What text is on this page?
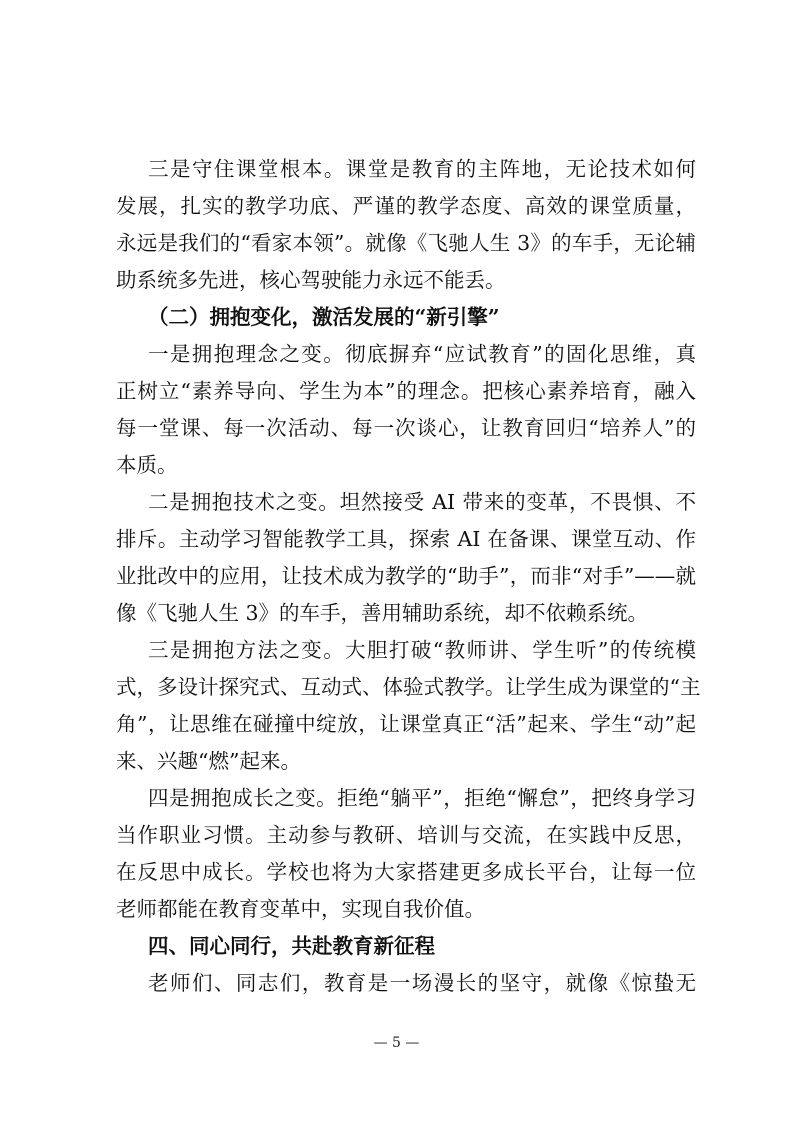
三是守住课堂根本。课堂是教育的主阵地，无论技术如何
发展，扎实的教学功底、严谨的教学态度、高效的课堂质量，
永远是我们的“看家本领”。就像《飞驰人生 3》的车手，无论辅
助系统多先进，核心驾驶能力永远不能丢。
（二）拥抱变化，激活发展的“新引擎”
一是拥抱理念之变。彻底摒弃“应试教育”的固化思维，真
正树立“素养导向、学生为本”的理念。把核心素养培育，融入
每一堂课、每一次活动、每一次谈心，让教育回归“培养人”的
本质。
二是拥抱技术之变。坦然接受 AI 带来的变革，不畏惧、不
排斥。主动学习智能教学工具，探索 AI 在备课、课堂互动、作
业批改中的应用，让技术成为教学的“助手”，而非“对手”——就
像《飞驰人生 3》的车手，善用辅助系统，却不依赖系统。
三是拥抱方法之变。大胆打破“教师讲、学生听”的传统模
式，多设计探究式、互动式、体验式教学。让学生成为课堂的“主
角”，让思维在碰撞中绽放，让课堂真正“活”起来、学生“动”起
来、兴趣“燃”起来。
四是拥抱成长之变。拒绝“躺平”，拒绝“懈怠”，把终身学习
当作职业习惯。主动参与教研、培训与交流，在实践中反思，
在反思中成长。学校也将为大家搭建更多成长平台，让每一位
老师都能在教育变革中，实现自我价值。
四、同心同行，共赴教育新征程
老师们、同志们，教育是一场漫长的坚守，就像《惊蛰无
— 5 —
